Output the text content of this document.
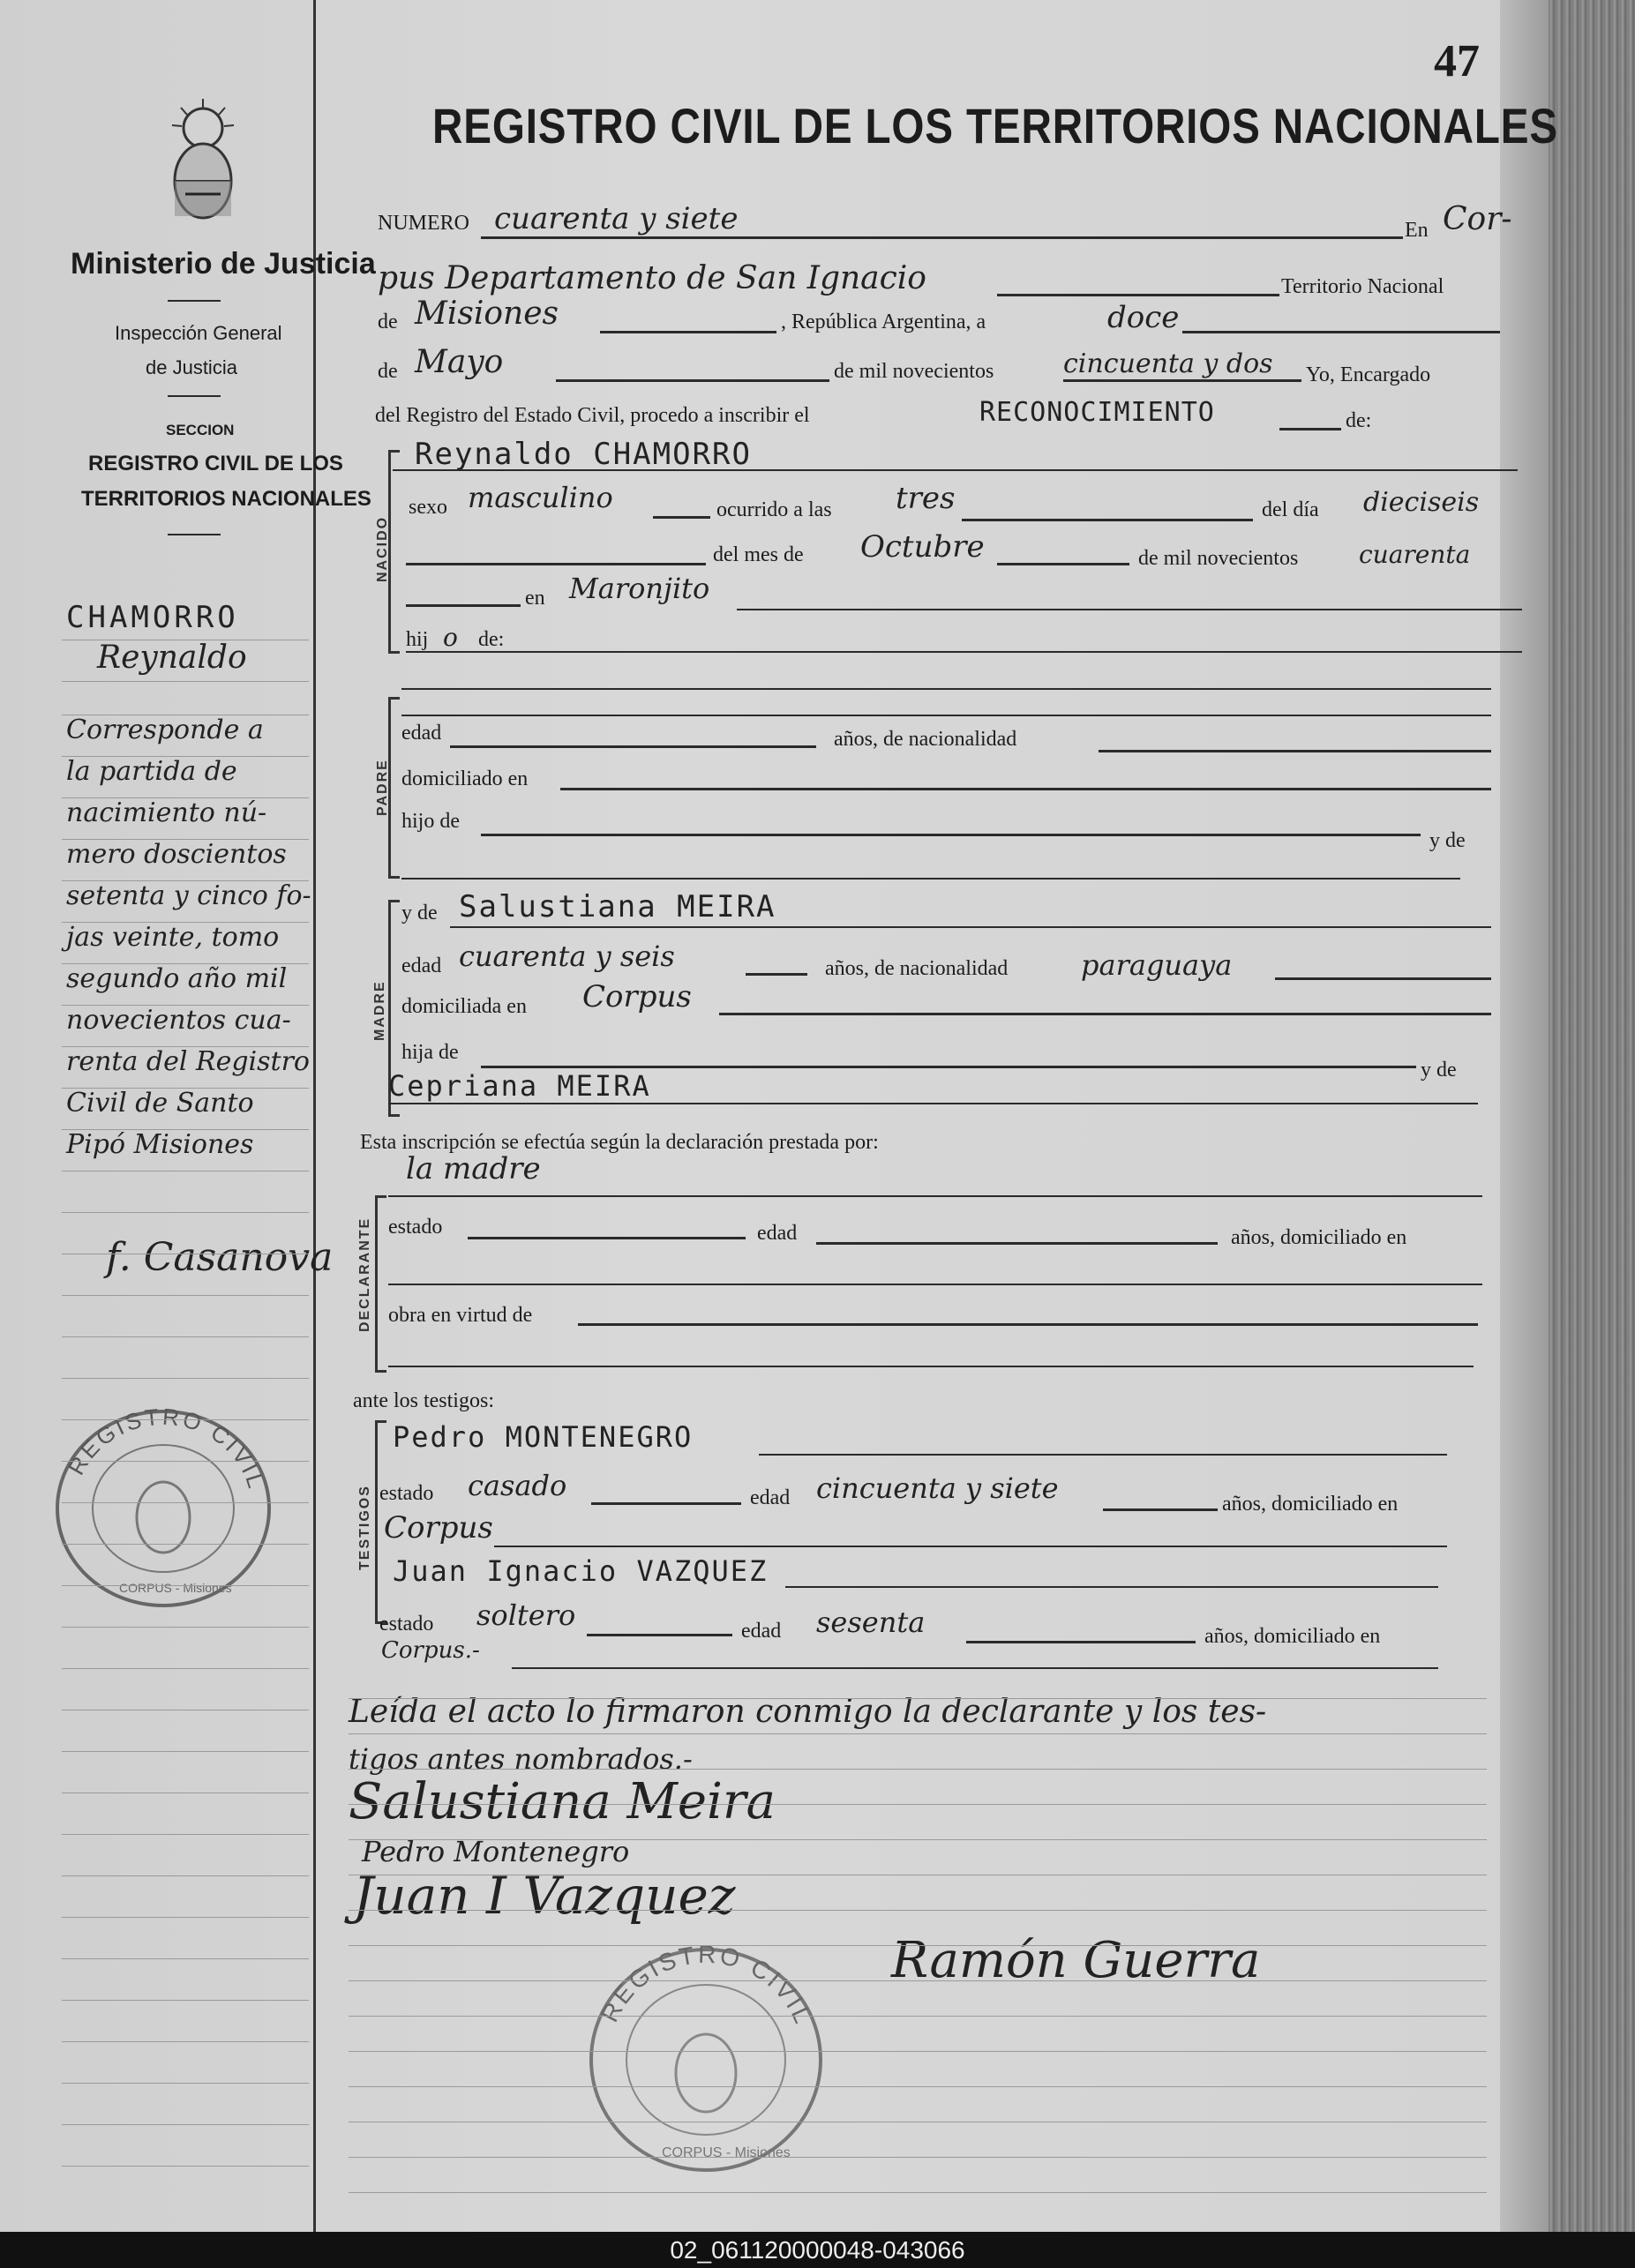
Ministerio de Justicia
Inspección General
de Justicia
SECCION
REGISTRO CIVIL DE LOS
TERRITORIOS NACIONALES
CHAMORRO
Reynaldo
Corresponde a
la partida de
nacimiento nú-
mero doscientos
setenta y cinco fo-
jas veinte, tomo
segundo año mil
novecientos cua-
renta del Registro
Civil de Santo
Pipó Misiones
f. Casanova
REGISTRO CIVIL
CORPUS - Misiones
47
REGISTRO CIVIL DE LOS TERRITORIOS NACIONALES
NUMERO cuarenta y siete	En Cor-
pus Departamento de San Ignacio	Territorio Nacional
de Misiones	, República Argentina, a	doce
de Mayo	de mil novecientos	cincuenta y dos Yo, Encargado
del Registro del Estado Civil, procedo a inscribir el	RECONOCIMIENTO	de:
Reynaldo CHAMORRO
NACIDO
sexo masculino	ocurrido a las tres	del día dieciseis
del mes de Octubre	de mil novecientos cuarenta
en Maronjito
hij o de:
PADRE
edad	años, de nacionalidad
domiciliado en
hijo de
y de
MADRE
y de Salustiana MEIRA
edad cuarenta y seis	años, de nacionalidad	paraguaya
domiciliada en Corpus
hija de
y de
Cepriana MEIRA
Esta inscripción se efectúa según la declaración prestada por:
la madre
DECLARANTE estado	edad	años, domiciliado en
obra en virtud de
ante los testigos:
TESTIGOS
Pedro MONTENEGRO
estado casado	edad cincuenta y siete	años, domiciliado en
Corpus
Juan Ignacio VAZQUEZ
estado soltero	edad sesenta	años, domiciliado en
Corpus.-
Leída el acto lo firmaron conmigo la declarante y los tes-
tigos antes nombrados.-
Salustiana Meira
Pedro Montenegro
Juan I Vazquez
Ramón Guerra
REGISTRO CIVIL
CORPUS - Misiones
02_061120000048-043066
